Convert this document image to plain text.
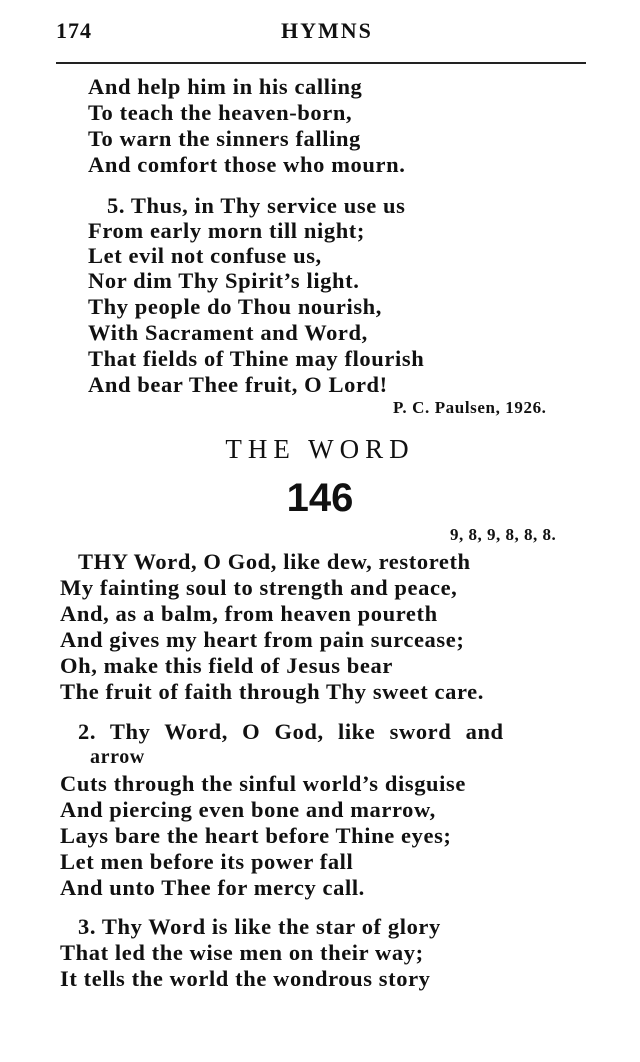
174	HYMNS
And help him in his calling
To teach the heaven-born,
To warn the sinners falling
And comfort those who mourn.
5. Thus, in Thy service use us
From early morn till night;
Let evil not confuse us,
Nor dim Thy Spirit’s light.
Thy people do Thou nourish,
With Sacrament and Word,
That fields of Thine may flourish
And bear Thee fruit, O Lord!
P. C. Paulsen, 1926.
THE WORD
146
9, 8, 9, 8, 8, 8.
THY Word, O God, like dew, restoreth
My fainting soul to strength and peace,
And, as a balm, from heaven poureth
And gives my heart from pain surcease;
Oh, make this field of Jesus bear
The fruit of faith through Thy sweet care.
2. Thy Word, O God, like sword and
arrow
Cuts through the sinful world’s disguise
And piercing even bone and marrow,
Lays bare the heart before Thine eyes;
Let men before its power fall
And unto Thee for mercy call.
3. Thy Word is like the star of glory
That led the wise men on their way;
It tells the world the wondrous story
